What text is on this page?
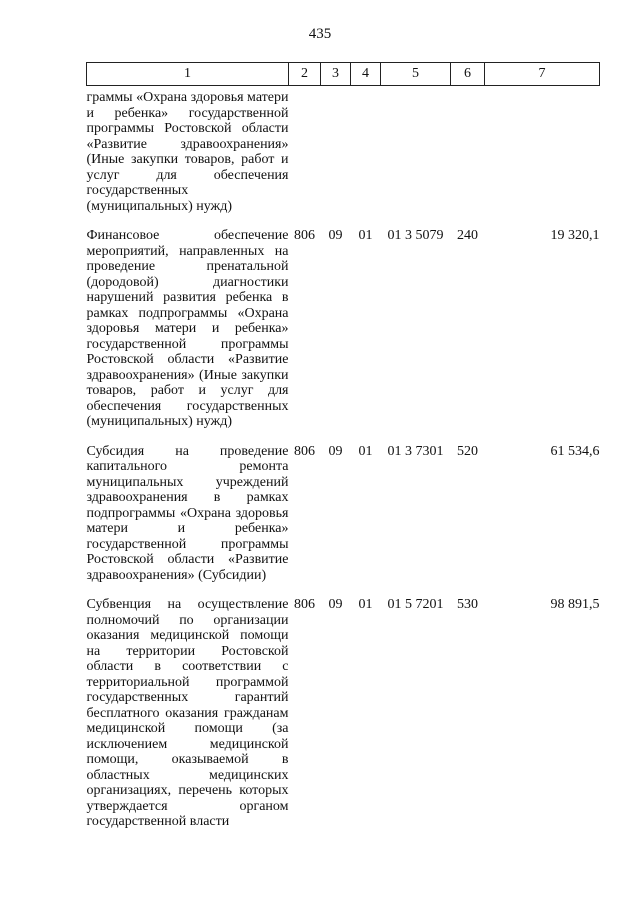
435
1	2	3	4	5	6	7
граммы «Охрана здоровья матери и ребенка» государственной программы Ростовской области «Развитие здравоохранения» (Иные закупки товаров, работ и услуг для обеспечения государственных (муниципальных) нужд)						
Финансовое обеспечение мероприятий, направленных на проведение пренатальной (дородовой) диагностики нарушений развития ребенка в рамках подпрограммы «Охрана здоровья матери и ребенка» государственной программы Ростовской области «Развитие здравоохранения» (Иные закупки товаров, работ и услуг для обеспечения государственных (муниципальных) нужд)	806	09	01	01 3 5079	240	19 320,1
Субсидия на проведение капитального ремонта муниципальных учреждений здравоохранения в рамках подпрограммы «Охрана здоровья матери и ребенка» государственной программы Ростовской области «Развитие здравоохранения» (Субсидии)	806	09	01	01 3 7301	520	61 534,6
Субвенция на осуществление полномочий по организации оказания медицинской помощи на территории Ростовской области в соответствии с территориальной программой государственных гарантий бесплатного оказания гражданам медицинской помощи (за исключением медицинской помощи, оказываемой в областных медицинских организациях, перечень которых утверждается органом государственной власти	806	09	01	01 5 7201	530	98 891,5
